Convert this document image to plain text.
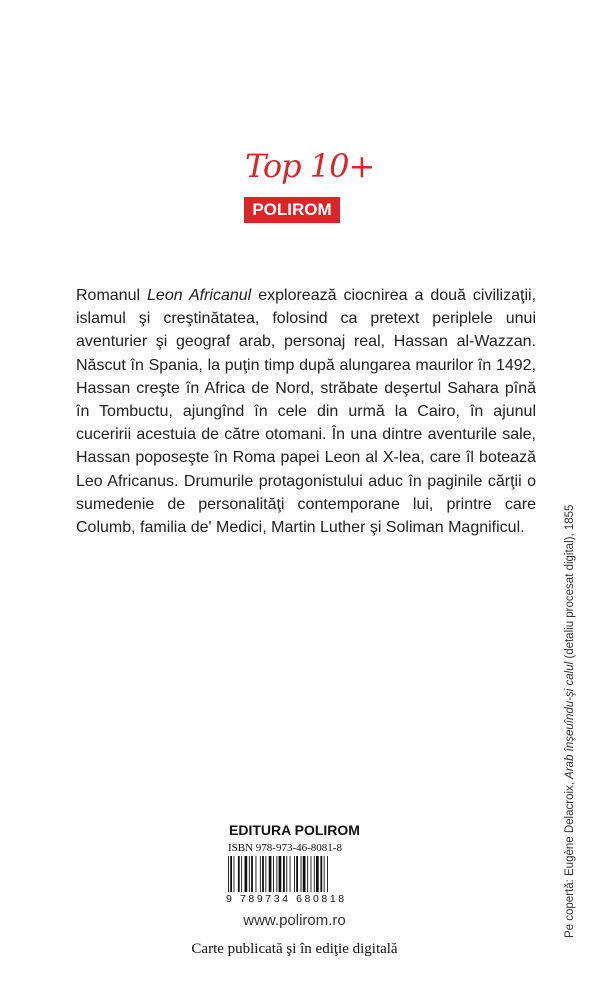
Top 10+
POLIROM

Romanul Leon Africanul explorează ciocnirea a două civilizaţii, islamul şi creştinătatea, folosind ca pretext periplele unui aventurier şi geograf arab, personaj real, Hassan al-Wazzan. Născut în Spania, la puţin timp după alungarea maurilor în 1492, Hassan creşte în Africa de Nord, străbate deşertul Sahara pînă în Tombuctu, ajungînd în cele din urmă la Cairo, în ajunul cuceririi acestuia de către otomani. În una dintre aventurile sale, Hassan poposeşte în Roma papei Leon al X-lea, care îl botează Leo Africanus. Drumurile protagonistului aduc în paginile cărţii o sumedenie de personalităţi contemporane lui, printre care Columb, familia de' Medici, Martin Luther şi Soliman Magnificul.

Pe copertă: Eugène Delacroix, Arab înşeuîndu-şi calul (detaliu procesat digital), 1855
EDITURA POLIROM
ISBN 978-973-46-8081-8
9 789734 680818
www.polirom.ro
Carte publicată şi în ediţie digitală
